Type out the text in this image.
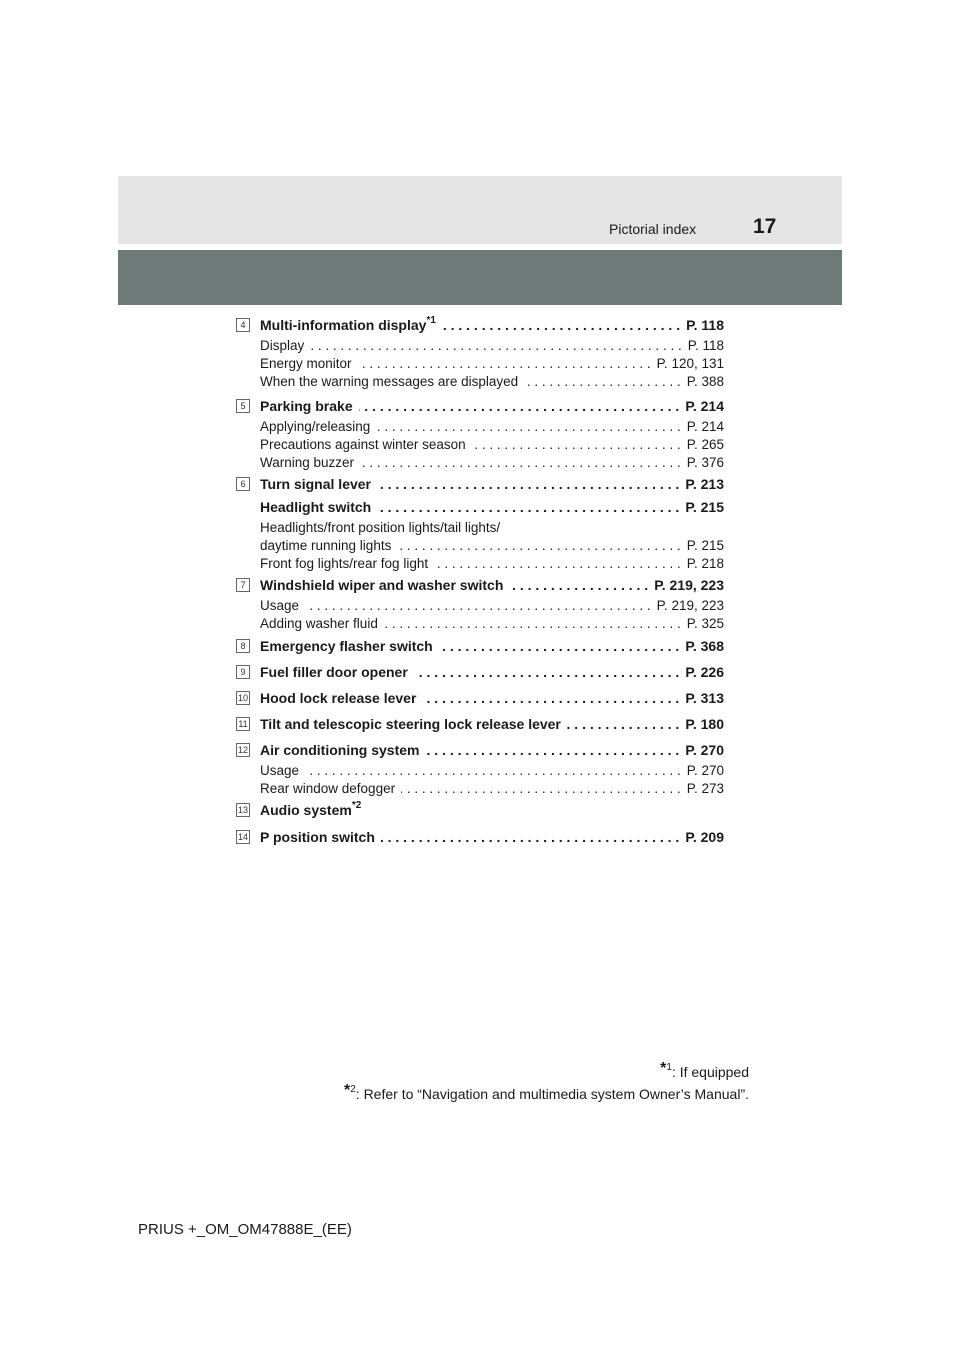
Pictorial index	17
4	Multi-information display$^{*1}$ . . .	P. 118
Display . . .	P. 118
Energy monitor . . .	P. 120, 131
When the warning messages are displayed . . .	P. 388
5	Parking brake . . .	P. 214
Applying/releasing . . .	P. 214
Precautions against winter season . . .	P. 265
Warning buzzer . . .	P. 376
6	Turn signal lever . . .	P. 213
Headlight switch . . .	P. 215
Headlights/front position lights/tail lights/
daytime running lights . . .	P. 215
Front fog lights/rear fog light . . .	P. 218
7	Windshield wiper and washer switch . . .	P. 219, 223
Usage . . .	P. 219, 223
Adding washer fluid . . .	P. 325
8	Emergency flasher switch . . .	P. 368
9	Fuel filler door opener . . .	P. 226
10 Hood lock release lever . . .	P. 313
11 Tilt and telescopic steering lock release lever . . .	P. 180
12 Air conditioning system . . .	P. 270
Usage . . .	P. 270
Rear window defogger . . .	P. 273
13 Audio system$^{*2}$
14 P position switch . . .	P. 209
*$^1$: If equipped
*$^2$: Refer to “Navigation and multimedia system Owner’s Manual”.
PRIUS +_OM_OM47888E_(EE)
